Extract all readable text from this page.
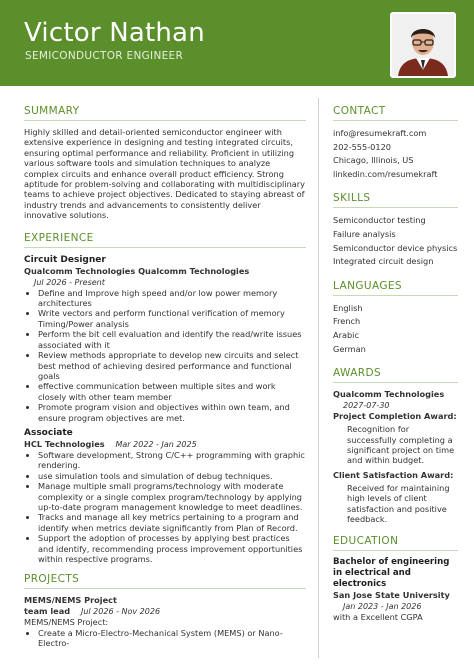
Victor Nathan
SEMICONDUCTOR ENGINEER
SUMMARY
Highly skilled and detail-oriented semiconductor engineer with extensive experience in designing and testing integrated circuits, ensuring optimal performance and reliability. Proficient in utilizing various software tools and simulation techniques to analyze complex circuits and enhance overall product efficiency. Strong aptitude for problem-solving and collaborating with multidisciplinary teams to achieve project objectives. Dedicated to staying abreast of industry trends and advancements to consistently deliver innovative solutions.
EXPERIENCE
Circuit Designer
Qualcomm Technologies Qualcomm Technologies
Jul 2026 - Present
• Define and Improve high speed and/or low power memory architectures
• Write vectors and perform functional verification of memory Timing/Power analysis
• Perform the bit cell evaluation and identify the read/write issues associated with it
• Review methods appropriate to develop new circuits and select best method of achieving desired performance and functional goals
• effective communication between multiple sites and work closely with other team member
• Promote program vision and objectives within own team, and ensure program objectives are met.
Associate
HCL Technologies Mar 2022 - Jan 2025
• Software development, Strong C/C++ programming with graphic rendering.
• use simulation tools and simulation of debug techniques.
• Manage multiple small programs/technology with moderate complexity or a single complex program/technology by applying up-to-date program management knowledge to meet deadlines.
• Tracks and manage all key metrics pertaining to a program and identify when metrics deviate significantly from Plan of Record.
• Support the adoption of processes by applying best practices and identify, recommending process improvement opportunities within respective programs.
PROJECTS
MEMS/NEMS Project
team lead Jul 2026 - Nov 2026
MEMS/NEMS Project:
• Create a Micro-Electro-Mechanical System (MEMS) or Nano-Electro-
CONTACT
info@resumekraft.com
202-555-0120
Chicago, Illinois, US
linkedin.com/resumekraft
SKILLS
Semiconductor testing
Failure analysis
Semiconductor device physics
Integrated circuit design
LANGUAGES
English
French
Arabic
German
AWARDS
Qualcomm Technologies
2027-07-30
Project Completion Award:
Recognition for successfully completing a significant project on time and within budget.
Client Satisfaction Award:
Received for maintaining high levels of client satisfaction and positive feedback.
EDUCATION
Bachelor of engineering in electrical and electronics
San Jose State University
Jan 2023 - Jan 2026
with a Excellent CGPA
